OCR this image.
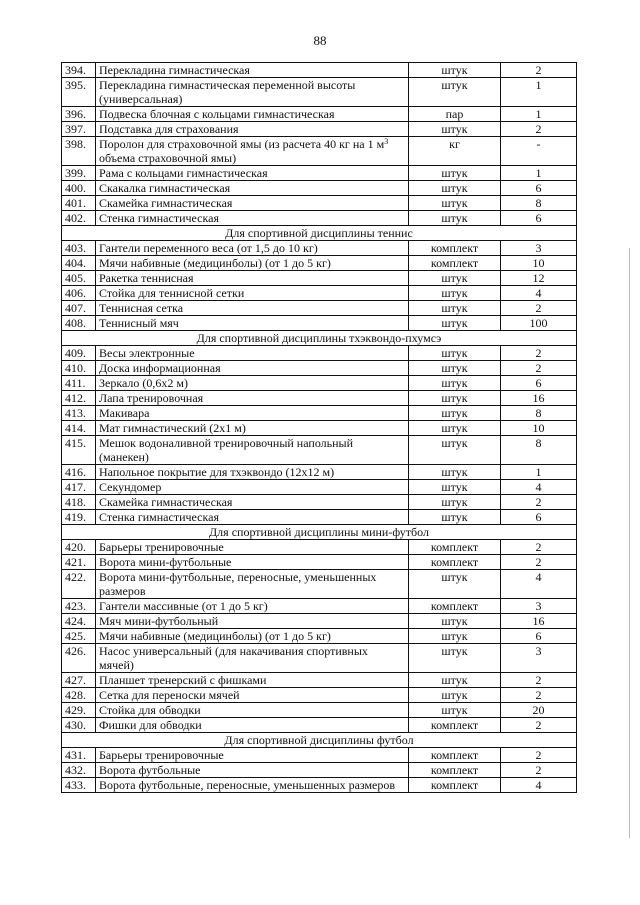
88
394.	Перекладина гимнастическая	штук	2
395.	Перекладина гимнастическая переменной высоты (универсальная)	штук	1
396.	Подвеска блочная с кольцами гимнастическая	пар	1
397.	Подставка для страхования	штук	2
398.	Поролон для страховочной ямы (из расчета 40 кг на 1 $м^3$ объема страховочной ямы)	кг	-
399.	Рама с кольцами гимнастическая	штук	1
400.	Скакалка гимнастическая	штук	6
401.	Скамейка гимнастическая	штук	8
402.	Стенка гимнастическая	штук	6
Для спортивной дисциплины теннис			
403.	Гантели переменного веса (от 1,5 до 10 кг)	комплект	3
404.	Мячи набивные (медицинболы) (от 1 до 5 кг)	комплект	10
405.	Ракетка теннисная	штук	12
406.	Стойка для теннисной сетки	штук	4
407.	Теннисная сетка	штук	2
408.	Теннисный мяч	штук	100
Для спортивной дисциплины тхэквондо-пхумсэ			
409.	Весы электронные	штук	2
410.	Доска информационная	штук	2
411.	Зеркало (0,6x2 м)	штук	6
412.	Лапа тренировочная	штук	16
413.	Макивара	штук	8
414.	Мат гимнастический (2x1 м)	штук	10
415.	Мешок водоналивной тренировочный напольный (манекен)	штук	8
416.	Напольное покрытие для тхэквондо (12x12 м)	штук	1
417.	Секундомер	штук	4
418.	Скамейка гимнастическая	штук	2
419.	Стенка гимнастическая	штук	6
Для спортивной дисциплины мини-футбол			
420.	Барьеры тренировочные	комплект	2
421.	Ворота мини-футбольные	комплект	2
422.	Ворота мини-футбольные, переносные, уменьшенных размеров	штук	4
423.	Гантели массивные (от 1 до 5 кг)	комплект	3
424.	Мяч мини-футбольный	штук	16
425.	Мячи набивные (медицинболы) (от 1 до 5 кг)	штук	6
426.	Насос универсальный (для накачивания спортивных мячей)	штук	3
427.	Планшет тренерский с фишками	штук	2
428.	Сетка для переноски мячей	штук	2
429.	Стойка для обводки	штук	20
430.	Фишки для обводки	комплект	2
Для спортивной дисциплины футбол			
431.	Барьеры тренировочные	комплект	2
432.	Ворота футбольные	комплект	2
433.	Ворота футбольные, переносные, уменьшенных размеров	комплект	4
